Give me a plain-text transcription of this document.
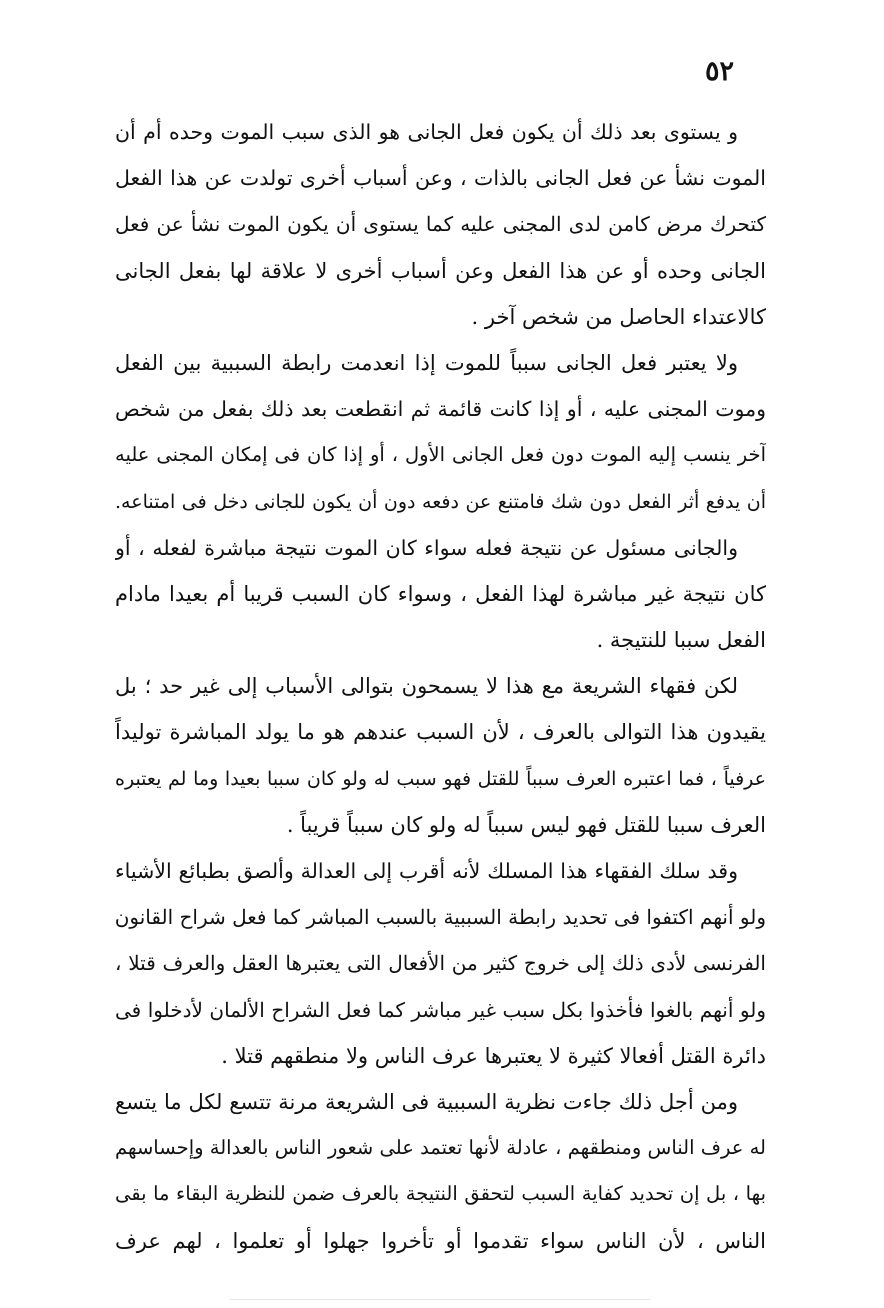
٥٢
و يستوى بعد ذلك أن يكون فعل الجانى هو الذى سبب الموت وحده أم أن
الموت نشأ عن فعل الجانى بالذات ، وعن أسباب أخرى تولدت عن هذا الفعل
كتحرك مرض كامن لدى المجنى عليه كما يستوى أن يكون الموت نشأ عن فعل
الجانى وحده أو عن هذا الفعل وعن أسباب أخرى لا علاقة لها بفعل الجانى
كالاعتداء الحاصل من شخص آخر .
ولا يعتبر فعل الجانى سبباً للموت إذا انعدمت رابطة السببية بين الفعل
وموت المجنى عليه ، أو إذا كانت قائمة ثم انقطعت بعد ذلك بفعل من شخص
آخر ينسب إليه الموت دون فعل الجانى الأول ، أو إذا كان فى إمكان المجنى عليه
أن يدفع أثر الفعل دون شك فامتنع عن دفعه دون أن يكون للجانى دخل فى امتناعه.
والجانى مسئول عن نتيجة فعله سواء كان الموت نتيجة مباشرة لفعله ، أو
كان نتيجة غير مباشرة لهذا الفعل ، وسواء كان السبب قريبا أم بعيدا مادام
الفعل سببا للنتيجة .
لكن فقهاء الشريعة مع هذا لا يسمحون بتوالى الأسباب إلى غير حد ؛ بل
يقيدون هذا التوالى بالعرف ، لأن السبب عندهم هو ما يولد المباشرة توليداً
عرفياً ، فما اعتبره العرف سبباً للقتل فهو سبب له ولو كان سببا بعيدا وما لم يعتبره
العرف سببا للقتل فهو ليس سبباً له ولو كان سبباً قريباً .
وقد سلك الفقهاء هذا المسلك لأنه أقرب إلى العدالة وألصق بطبائع الأشياء
ولو أنهم اكتفوا فى تحديد رابطة السببية بالسبب المباشر كما فعل شراح القانون
الفرنسى لأدى ذلك إلى خروج كثير من الأفعال التى يعتبرها العقل والعرف قتلا ،
ولو أنهم بالغوا فأخذوا بكل سبب غير مباشر كما فعل الشراح الألمان لأدخلوا فى
دائرة القتل أفعالا كثيرة لا يعتبرها عرف الناس ولا منطقهم قتلا .
ومن أجل ذلك جاءت نظرية السببية فى الشريعة مرنة تتسع لكل ما يتسع
له عرف الناس ومنطقهم ، عادلة لأنها تعتمد على شعور الناس بالعدالة وإحساسهم
بها ، بل إن تحديد كفاية السبب لتحقق النتيجة بالعرف ضمن للنظرية البقاء ما بقى
الناس ، لأن الناس سواء تقدموا أو تأخروا جهلوا أو تعلموا ، لهم عرف
